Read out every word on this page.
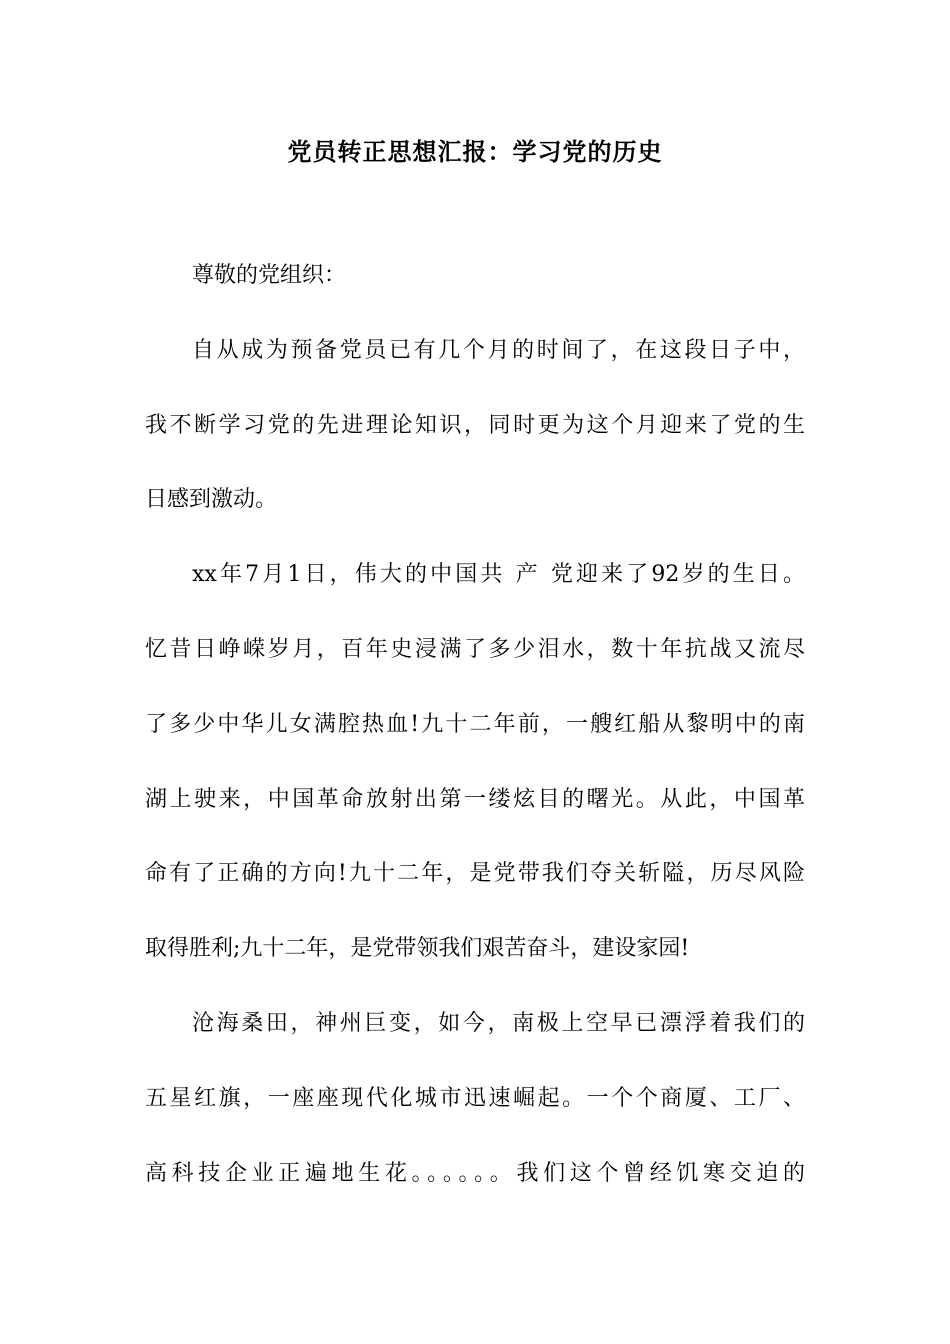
党员转正思想汇报：学习党的历史
尊敬的党组织：
自从成为预备党员已有几个月的时间了，在这段日子中，
我不断学习党的先进理论知识，同时更为这个月迎来了党的生
日感到激动。
xx年7月1日，伟大的中国共 产 党迎来了92岁的生日。
忆昔日峥嵘岁月，百年史浸满了多少泪水，数十年抗战又流尽
了多少中华儿女满腔热血!九十二年前，一艘红船从黎明中的南
湖上驶来，中国革命放射出第一缕炫目的曙光。从此，中国革
命有了正确的方向!九十二年，是党带我们夺关斩隘，历尽风险
取得胜利;九十二年，是党带领我们艰苦奋斗，建设家园!
沧海桑田，神州巨变，如今，南极上空早已漂浮着我们的
五星红旗，一座座现代化城市迅速崛起。一个个商厦、工厂、
高科技企业正遍地生花。。。。。。我们这个曾经饥寒交迫的
